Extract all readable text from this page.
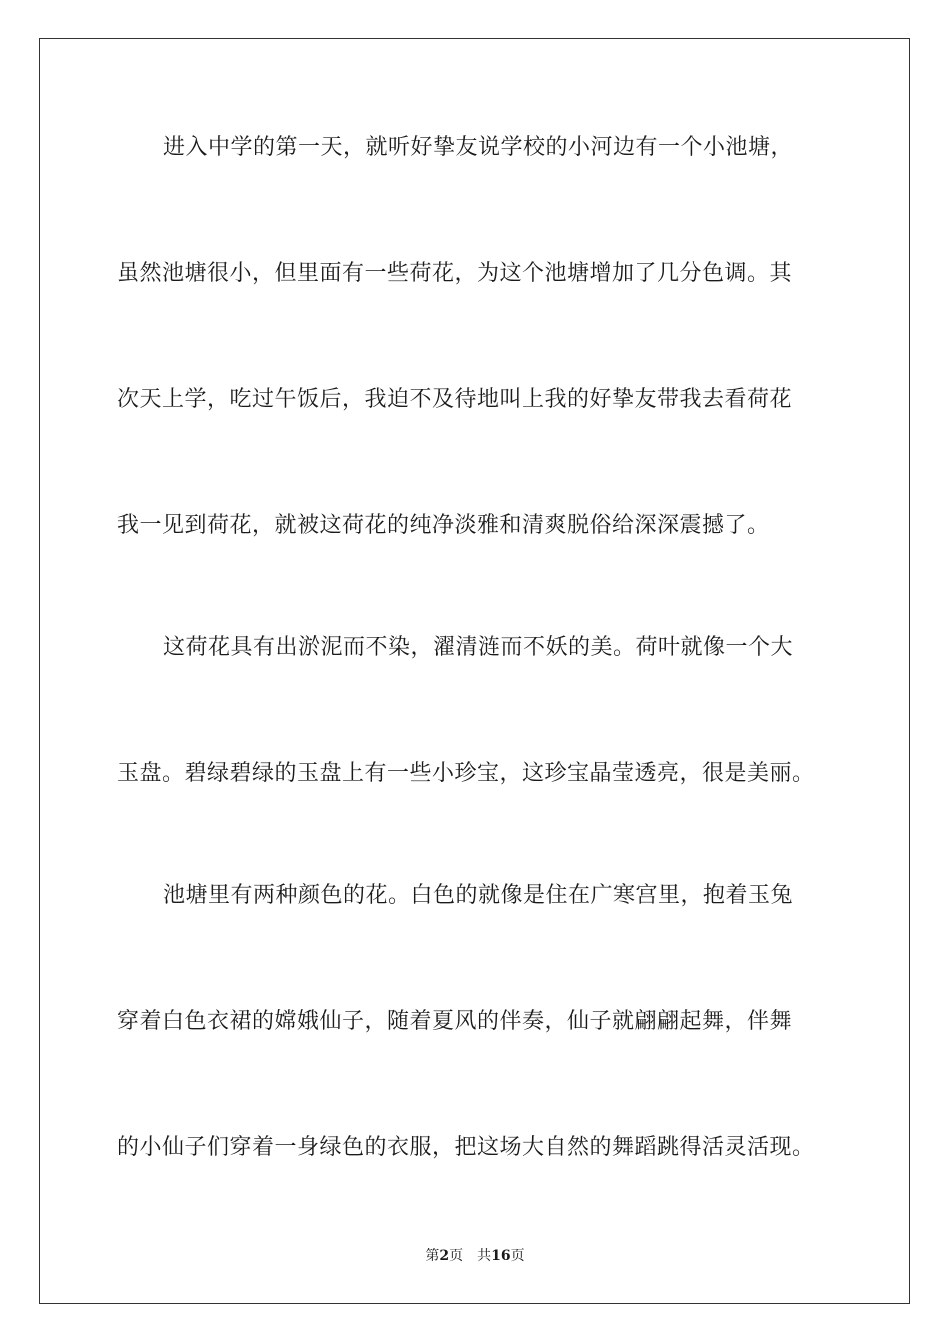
进入中学的第一天，就听好挚友说学校的小河边有一个小池塘，
虽然池塘很小，但里面有一些荷花，为这个池塘增加了几分色调。其
次天上学，吃过午饭后，我迫不及待地叫上我的好挚友带我去看荷花
我一见到荷花，就被这荷花的纯净淡雅和清爽脱俗给深深震撼了。
这荷花具有出淤泥而不染，濯清涟而不妖的美。荷叶就像一个大
玉盘。碧绿碧绿的玉盘上有一些小珍宝，这珍宝晶莹透亮，很是美丽。
池塘里有两种颜色的花。白色的就像是住在广寒宫里，抱着玉兔
穿着白色衣裙的嫦娥仙子，随着夏风的伴奏，仙子就翩翩起舞，伴舞
的小仙子们穿着一身绿色的衣服，把这场大自然的舞蹈跳得活灵活现。
第2页 共16页
